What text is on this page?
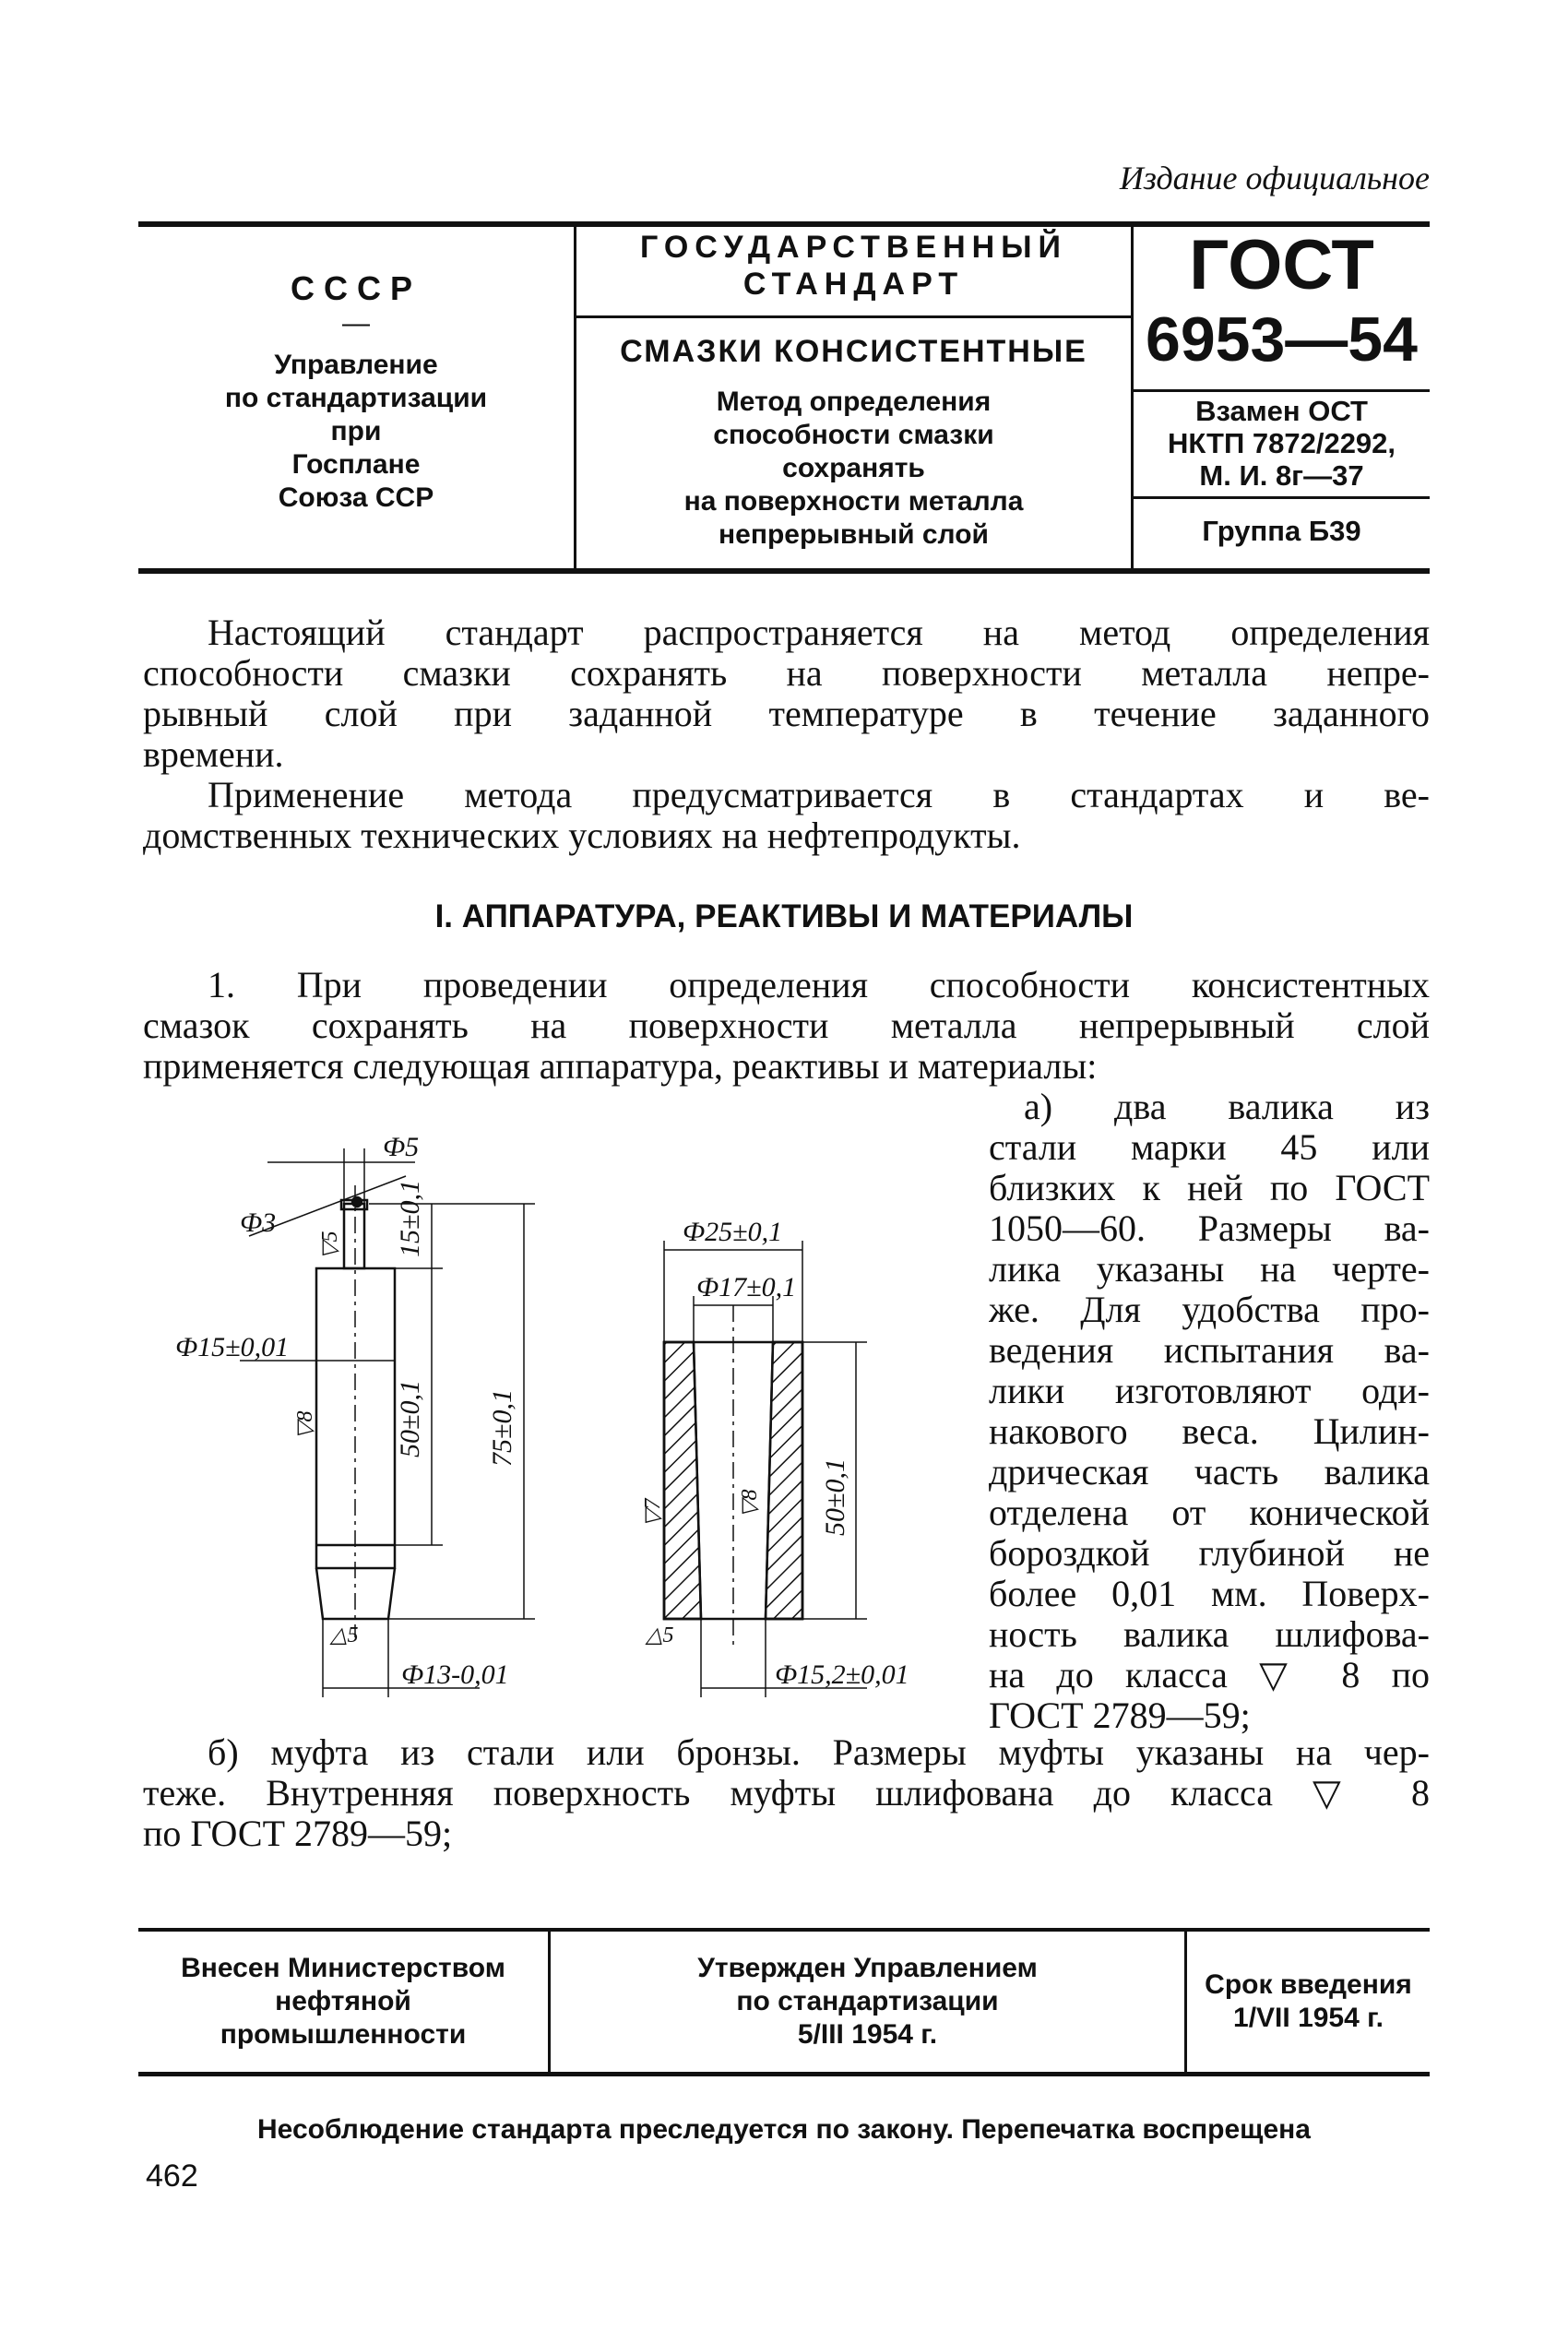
Издание официальное
СССР
—
Управление
по стандартизации
при
Госплане
Союза ССР
ГОСУДАРСТВЕННЫЙ
СТАНДАРТ
СМАЗКИ КОНСИСТЕНТНЫЕ
Метод определения
способности смазки
сохранять
на поверхности металла
непрерывный слой
ГОСТ
6953—54
Взамен ОСТ
НКТП 7872/2292,
М. И. 8г—37
Группа Б39
Настоящий стандарт распространяется на метод определения
способности смазки сохранять на поверхности металла непре-
рывный слой при заданной температуре в течение заданного
времени.
Применение метода предусматривается в стандартах и ве-
домственных технических условиях на нефтепродукты.
I. АППАРАТУРА, РЕАКТИВЫ И МАТЕРИАЛЫ
1. При проведении определения способности консистентных
смазок сохранять на поверхности металла непрерывный слой
применяется следующая аппаратура, реактивы и материалы:
а) два валика из
стали марки 45 или
близких к ней по ГОСТ
1050—60. Размеры ва-
лика указаны на черте-
же. Для удобства про-
ведения испытания ва-
лики изготовляют оди-
накового веса. Цилин-
дрическая часть валика
отделена от конической
бороздкой глубиной не
более 0,01 мм. Поверх-
ность валика шлифова-
на до класса ▽ 8 по
ГОСТ 2789—59;
Ф5
Ф3
Ф15±0,01
Ф13-0,01
15±0,1
50±0,1 75±0,1
▽5
▽8
△5
Ф25±0,1
Ф17±0,1
50±0,1
Ф15,2±0,01
▽7	▽8
△5
б) муфта из стали или бронзы. Размеры муфты указаны на чер-
теже. Внутренняя поверхность муфты шлифована до класса ▽ 8
по ГОСТ 2789—59;
Внесен Министерством
нефтяной
промышленности
Утвержден Управлением
по стандартизации
5/III 1954 г.
Срок введения
1/VII 1954 г.
Несоблюдение стандарта преследуется по закону. Перепечатка воспрещена
462
